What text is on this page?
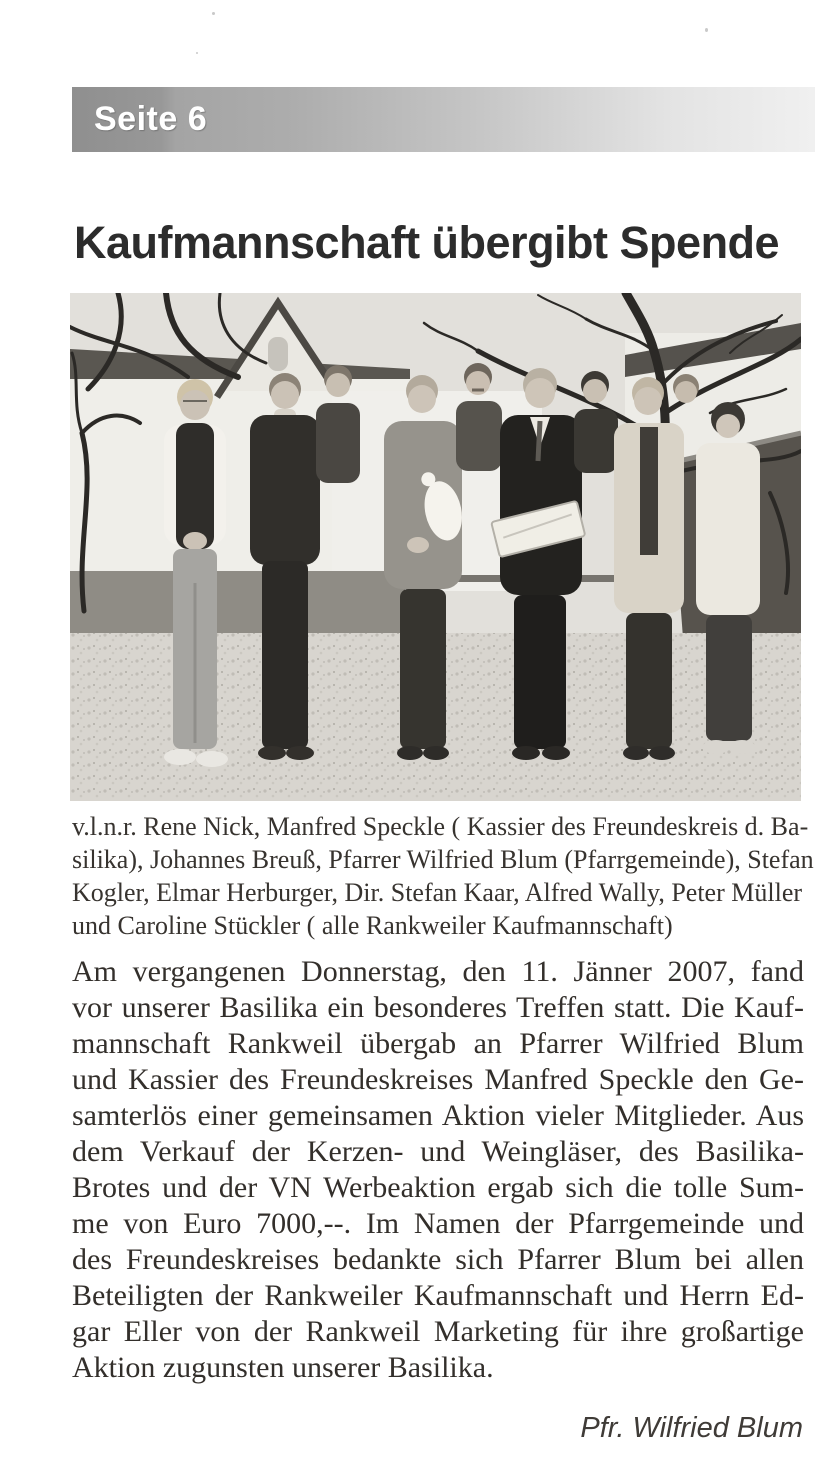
Seite 6
Kaufmannschaft übergibt Spende
v.l.n.r. Rene Nick, Manfred Speckle ( Kassier des Freundeskreis d. Ba-
silika), Johannes Breuß, Pfarrer Wilfried Blum (Pfarrgemeinde), Stefan
Kogler, Elmar Herburger, Dir. Stefan Kaar, Alfred Wally, Peter Müller
und Caroline Stückler ( alle Rankweiler Kaufmannschaft)
Am vergangenen Donnerstag, den 11. Jänner 2007, fand
vor unserer Basilika ein besonderes Treffen statt. Die Kauf-
mannschaft Rankweil übergab an Pfarrer Wilfried Blum
und Kassier des Freundeskreises Manfred Speckle den Ge-
samterlös einer gemeinsamen Aktion vieler Mitglieder. Aus
dem Verkauf der Kerzen- und Weingläser, des Basilika-
Brotes und der VN Werbeaktion ergab sich die tolle Sum-
me von Euro 7000,--. Im Namen der Pfarrgemeinde und
des Freundeskreises bedankte sich Pfarrer Blum bei allen
Beteiligten der Rankweiler Kaufmannschaft und Herrn Ed-
gar Eller von der Rankweil Marketing für ihre großartige
Aktion zugunsten unserer Basilika.
Pfr. Wilfried Blum
